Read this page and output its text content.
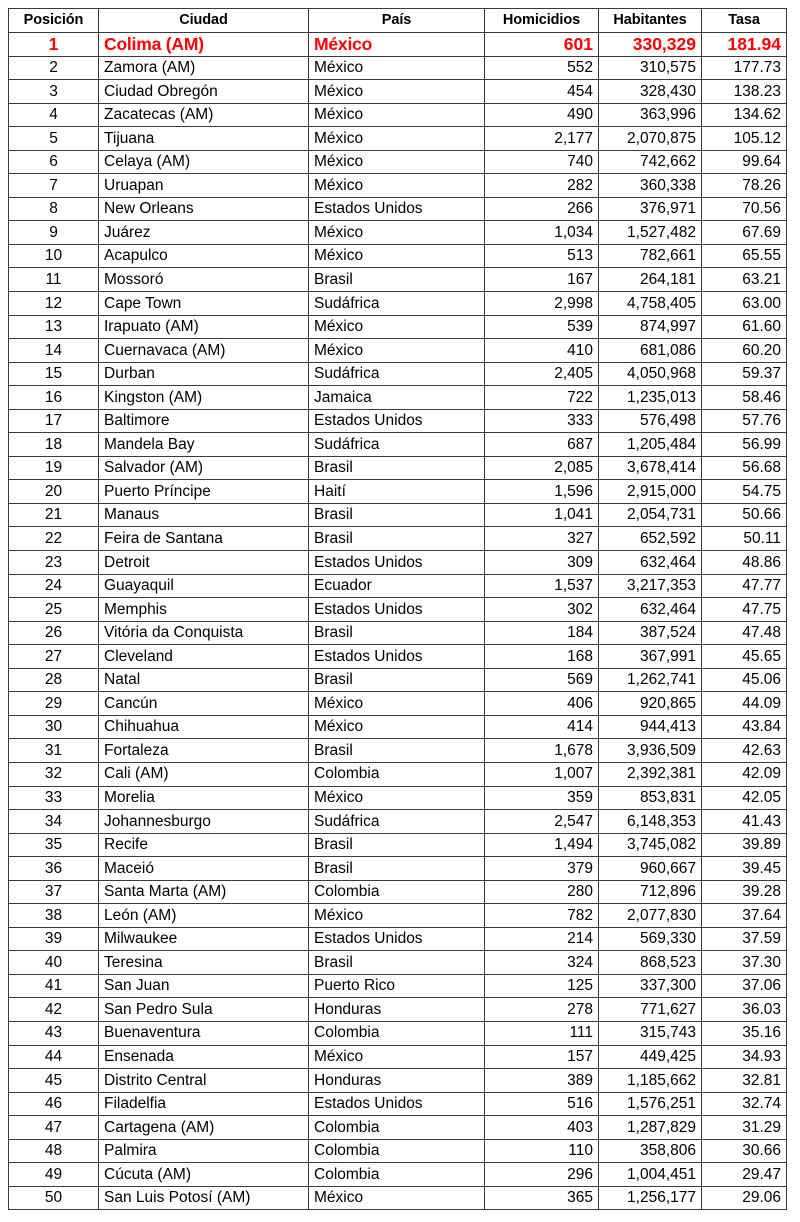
Posición	Ciudad	País	Homicidios	Habitantes	Tasa
1	Colima (AM)	México	601	330,329	181.94
2	Zamora (AM)	México	552	310,575	177.73
3	Ciudad Obregón	México	454	328,430	138.23
4	Zacatecas (AM)	México	490	363,996	134.62
5	Tijuana	México	2,177	2,070,875	105.12
6	Celaya (AM)	México	740	742,662	99.64
7	Uruapan	México	282	360,338	78.26
8	New Orleans	Estados Unidos	266	376,971	70.56
9	Juárez	México	1,034	1,527,482	67.69
10	Acapulco	México	513	782,661	65.55
11	Mossoró	Brasil	167	264,181	63.21
12	Cape Town	Sudáfrica	2,998	4,758,405	63.00
13	Irapuato (AM)	México	539	874,997	61.60
14	Cuernavaca (AM)	México	410	681,086	60.20
15	Durban	Sudáfrica	2,405	4,050,968	59.37
16	Kingston (AM)	Jamaica	722	1,235,013	58.46
17	Baltimore	Estados Unidos	333	576,498	57.76
18	Mandela Bay	Sudáfrica	687	1,205,484	56.99
19	Salvador (AM)	Brasil	2,085	3,678,414	56.68
20	Puerto Príncipe	Haití	1,596	2,915,000	54.75
21	Manaus	Brasil	1,041	2,054,731	50.66
22	Feira de Santana	Brasil	327	652,592	50.11
23	Detroit	Estados Unidos	309	632,464	48.86
24	Guayaquil	Ecuador	1,537	3,217,353	47.77
25	Memphis	Estados Unidos	302	632,464	47.75
26	Vitória da Conquista	Brasil	184	387,524	47.48
27	Cleveland	Estados Unidos	168	367,991	45.65
28	Natal	Brasil	569	1,262,741	45.06
29	Cancún	México	406	920,865	44.09
30	Chihuahua	México	414	944,413	43.84
31	Fortaleza	Brasil	1,678	3,936,509	42.63
32	Cali (AM)	Colombia	1,007	2,392,381	42.09
33	Morelia	México	359	853,831	42.05
34	Johannesburgo	Sudáfrica	2,547	6,148,353	41.43
35	Recife	Brasil	1,494	3,745,082	39.89
36	Maceió	Brasil	379	960,667	39.45
37	Santa Marta (AM)	Colombia	280	712,896	39.28
38	León (AM)	México	782	2,077,830	37.64
39	Milwaukee	Estados Unidos	214	569,330	37.59
40	Teresina	Brasil	324	868,523	37.30
41	San Juan	Puerto Rico	125	337,300	37.06
42	San Pedro Sula	Honduras	278	771,627	36.03
43	Buenaventura	Colombia	111	315,743	35.16
44	Ensenada	México	157	449,425	34.93
45	Distrito Central	Honduras	389	1,185,662	32.81
46	Filadelfia	Estados Unidos	516	1,576,251	32.74
47	Cartagena (AM)	Colombia	403	1,287,829	31.29
48	Palmira	Colombia	110	358,806	30.66
49	Cúcuta (AM)	Colombia	296	1,004,451	29.47
50	San Luis Potosí (AM)	México	365	1,256,177	29.06
